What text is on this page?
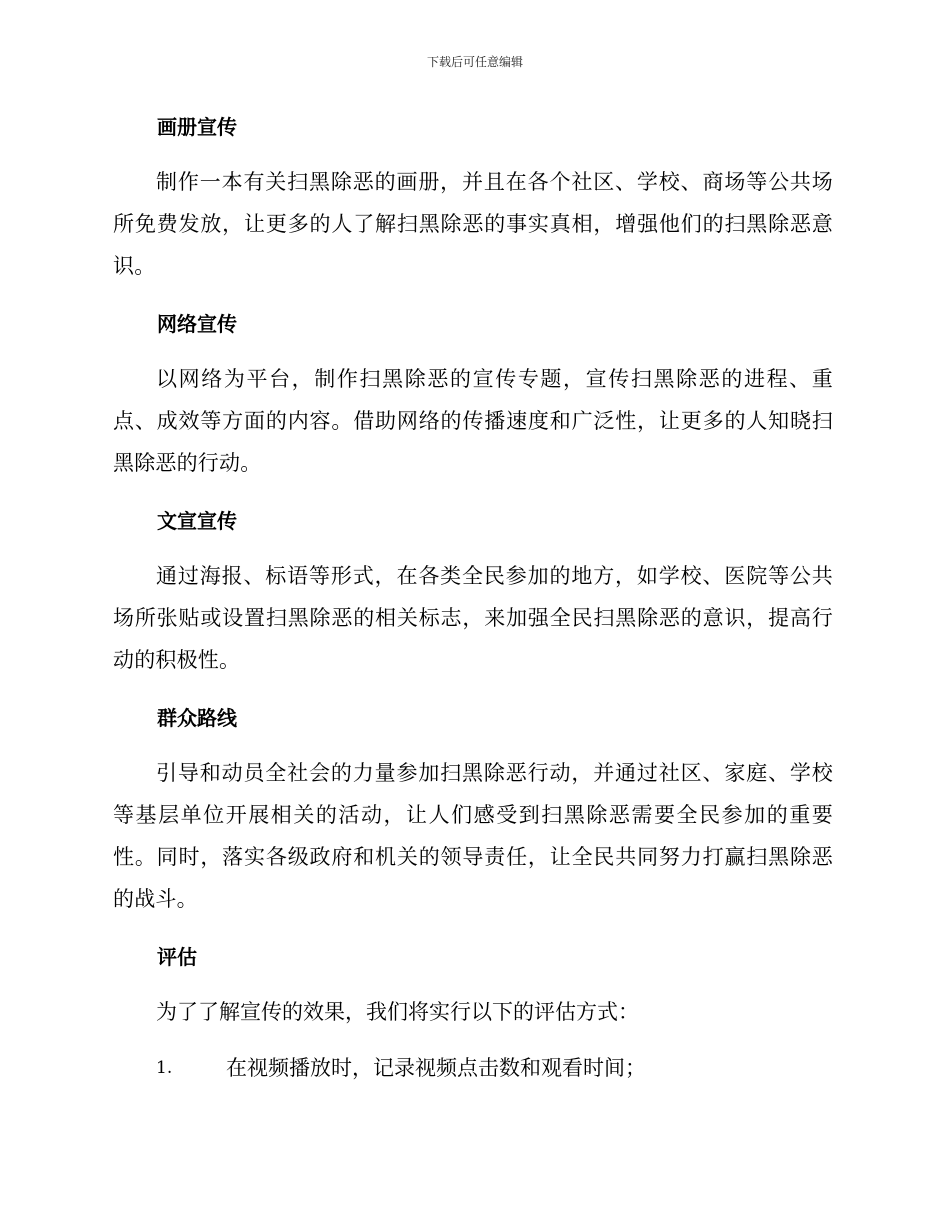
下载后可任意编辑
画册宣传

制作一本有关扫黑除恶的画册，并且在各个社区、学校、商场等公共场所免费发放，让更多的人了解扫黑除恶的事实真相，增强他们的扫黑除恶意识。

网络宣传

以网络为平台，制作扫黑除恶的宣传专题，宣传扫黑除恶的进程、重点、成效等方面的内容。借助网络的传播速度和广泛性，让更多的人知晓扫黑除恶的行动。

文宣宣传

通过海报、标语等形式，在各类全民参加的地方，如学校、医院等公共场所张贴或设置扫黑除恶的相关标志，来加强全民扫黑除恶的意识，提高行动的积极性。

群众路线

引导和动员全社会的力量参加扫黑除恶行动，并通过社区、家庭、学校等基层单位开展相关的活动，让人们感受到扫黑除恶需要全民参加的重要性。同时，落实各级政府和机关的领导责任，让全民共同努力打赢扫黑除恶的战斗。

评估
为了了解宣传的效果，我们将实行以下的评估方式：
1.	在视频播放时，记录视频点击数和观看时间；
